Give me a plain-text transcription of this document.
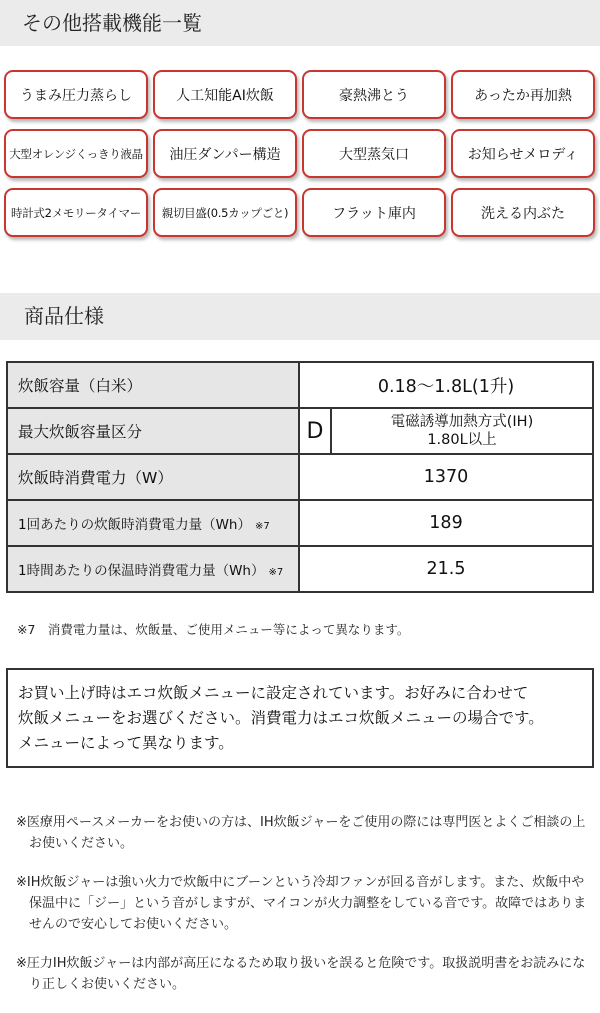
その他搭載機能一覧
うまみ圧力蒸らし	人工知能AI炊飯	豪熱沸とう	あったか再加熱
大型オレンジくっきり液晶	油圧ダンパー構造	大型蒸気口	お知らせメロディ
時計式2メモリータイマー	親切目盛(0.5カップごと)	フラット庫内	洗える内ぶた
商品仕様
炊飯容量（白米）	0.18～1.8L(1升)
最大炊飯容量区分	D 電磁誘導加熱方式(IH)
1.80L以上

炊飯時消費電力（W）	1370
1回あたりの炊飯時消費電力量（Wh） ※7	189
1時間あたりの保温時消費電力量（Wh） ※7	21.5
※7　消費電力量は、炊飯量、ご使用メニュー等によって異なります。
お買い上げ時はエコ炊飯メニューに設定されています。お好みに合わせて
炊飯メニューをお選びください。消費電力はエコ炊飯メニューの場合です。
メニューによって異なります。

※医療用ペースメーカーをお使いの方は、IH炊飯ジャーをご使用の際には専門医とよくご相談の上お使いください。

※IH炊飯ジャーは強い火力で炊飯中にブーンという冷却ファンが回る音がします。また、炊飯中や保温中に「ジー」という音がしますが、マイコンが火力調整をしている音です。故障ではありませんので安心してお使いください。

※圧力IH炊飯ジャーは内部が高圧になるため取り扱いを誤ると危険です。取扱説明書をお読みになり正しくお使いください。
